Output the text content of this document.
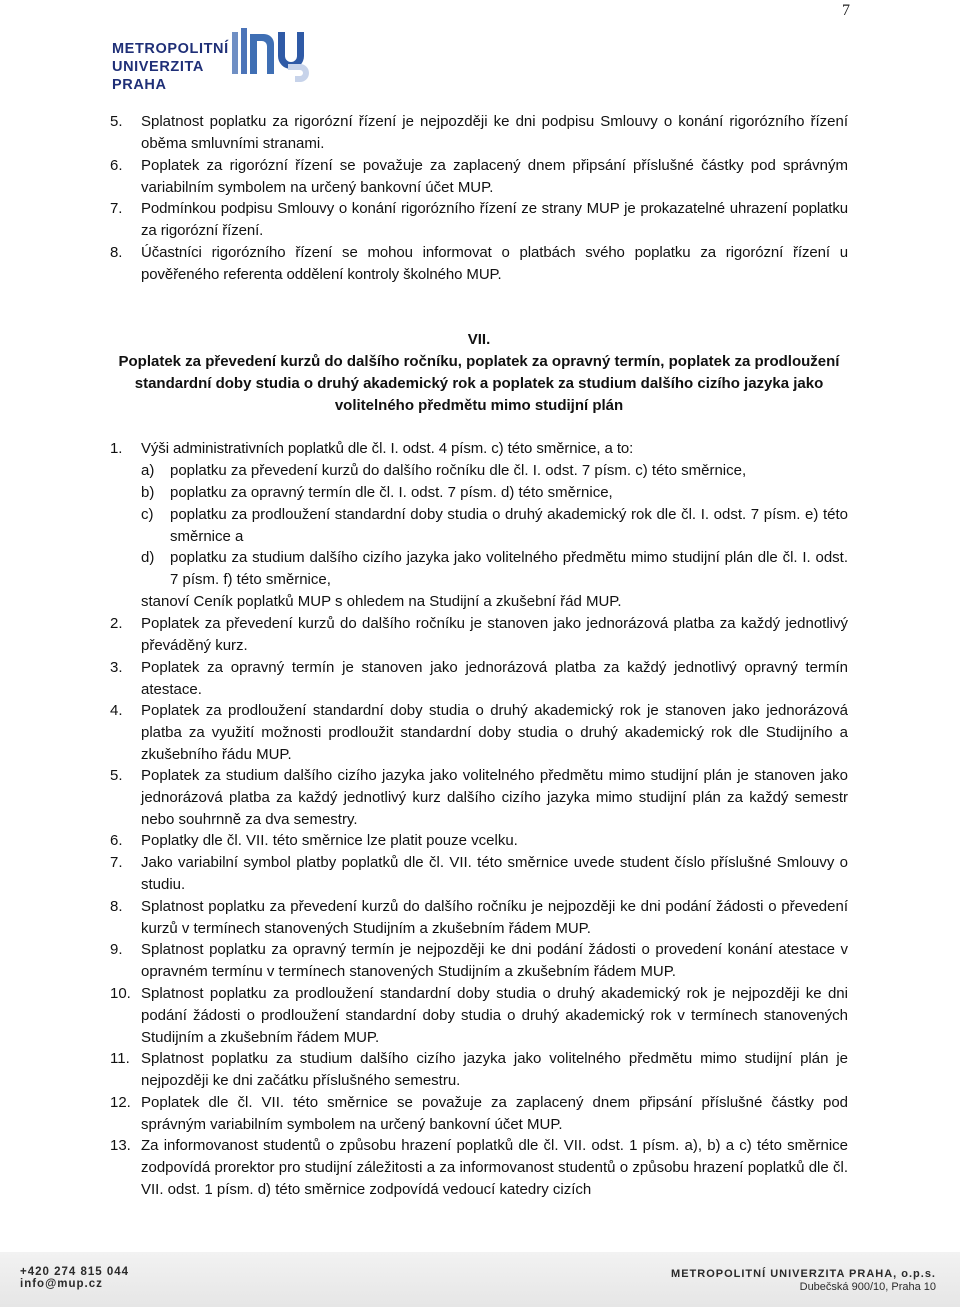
7
METROPOLITNÍ
UNIVERZITA PRAHA
5. Splatnost poplatku za rigorózní řízení je nejpozději ke dni podpisu Smlouvy o konání rigorózního řízení oběma smluvními stranami.
6. Poplatek za rigorózní řízení se považuje za zaplacený dnem připsání příslušné částky pod správným variabilním symbolem na určený bankovní účet MUP.
7. Podmínkou podpisu Smlouvy o konání rigorózního řízení ze strany MUP je prokazatelné uhrazení poplatku za rigorózní řízení.
8. Účastníci rigorózního řízení se mohou informovat o platbách svého poplatku za rigorózní řízení u pověřeného referenta oddělení kontroly školného MUP.
VII.
Poplatek za převedení kurzů do dalšího ročníku, poplatek za opravný termín, poplatek za prodloužení standardní doby studia o druhý akademický rok a poplatek za studium dalšího cizího jazyka jako volitelného předmětu mimo studijní plán
1. Výši administrativních poplatků dle čl. I. odst. 4 písm. c) této směrnice, a to:
a) poplatku za převedení kurzů do dalšího ročníku dle čl. I. odst. 7 písm. c) této směrnice,
b) poplatku za opravný termín dle čl. I. odst. 7 písm. d) této směrnice,
c) poplatku za prodloužení standardní doby studia o druhý akademický rok dle čl. I. odst. 7 písm. e) této směrnice a
d) poplatku za studium dalšího cizího jazyka jako volitelného předmětu mimo studijní plán dle čl. I. odst. 7 písm. f) této směrnice,
stanoví Ceník poplatků MUP s ohledem na Studijní a zkušební řád MUP.
2. Poplatek za převedení kurzů do dalšího ročníku je stanoven jako jednorázová platba za každý jednotlivý převáděný kurz.
3. Poplatek za opravný termín je stanoven jako jednorázová platba za každý jednotlivý opravný termín atestace.
4. Poplatek za prodloužení standardní doby studia o druhý akademický rok je stanoven jako jednorázová platba za využití možnosti prodloužit standardní doby studia o druhý akademický rok dle Studijního a zkušebního řádu MUP.
5. Poplatek za studium dalšího cizího jazyka jako volitelného předmětu mimo studijní plán je stanoven jako jednorázová platba za každý jednotlivý kurz dalšího cizího jazyka mimo studijní plán za každý semestr nebo souhrnně za dva semestry.
6. Poplatky dle čl. VII. této směrnice lze platit pouze vcelku.
7. Jako variabilní symbol platby poplatků dle čl. VII. této směrnice uvede student číslo příslušné Smlouvy o studiu.
8. Splatnost poplatku za převedení kurzů do dalšího ročníku je nejpozději ke dni podání žádosti o převedení kurzů v termínech stanovených Studijním a zkušebním řádem MUP.
9. Splatnost poplatku za opravný termín je nejpozději ke dni podání žádosti o provedení konání atestace v opravném termínu v termínech stanovených Studijním a zkušebním řádem MUP.
10. Splatnost poplatku za prodloužení standardní doby studia o druhý akademický rok je nejpozději ke dni podání žádosti o prodloužení standardní doby studia o druhý akademický rok v termínech stanovených Studijním a zkušebním řádem MUP.
11. Splatnost poplatku za studium dalšího cizího jazyka jako volitelného předmětu mimo studijní plán je nejpozději ke dni začátku příslušného semestru.
12. Poplatek dle čl. VII. této směrnice se považuje za zaplacený dnem připsání příslušné částky pod správným variabilním symbolem na určený bankovní účet MUP.
13. Za informovanost studentů o způsobu hrazení poplatků dle čl. VII. odst. 1 písm. a), b) a c) této směrnice zodpovídá prorektor pro studijní záležitosti a za informovanost studentů o způsobu hrazení poplatků dle čl. VII. odst. 1 písm. d) této směrnice zodpovídá vedoucí katedry cizích
+420 274 815 044
info@mup.cz
METROPOLITNÍ UNIVERZITA PRAHA, o.p.s.
Dubečská 900/10, Praha 10
